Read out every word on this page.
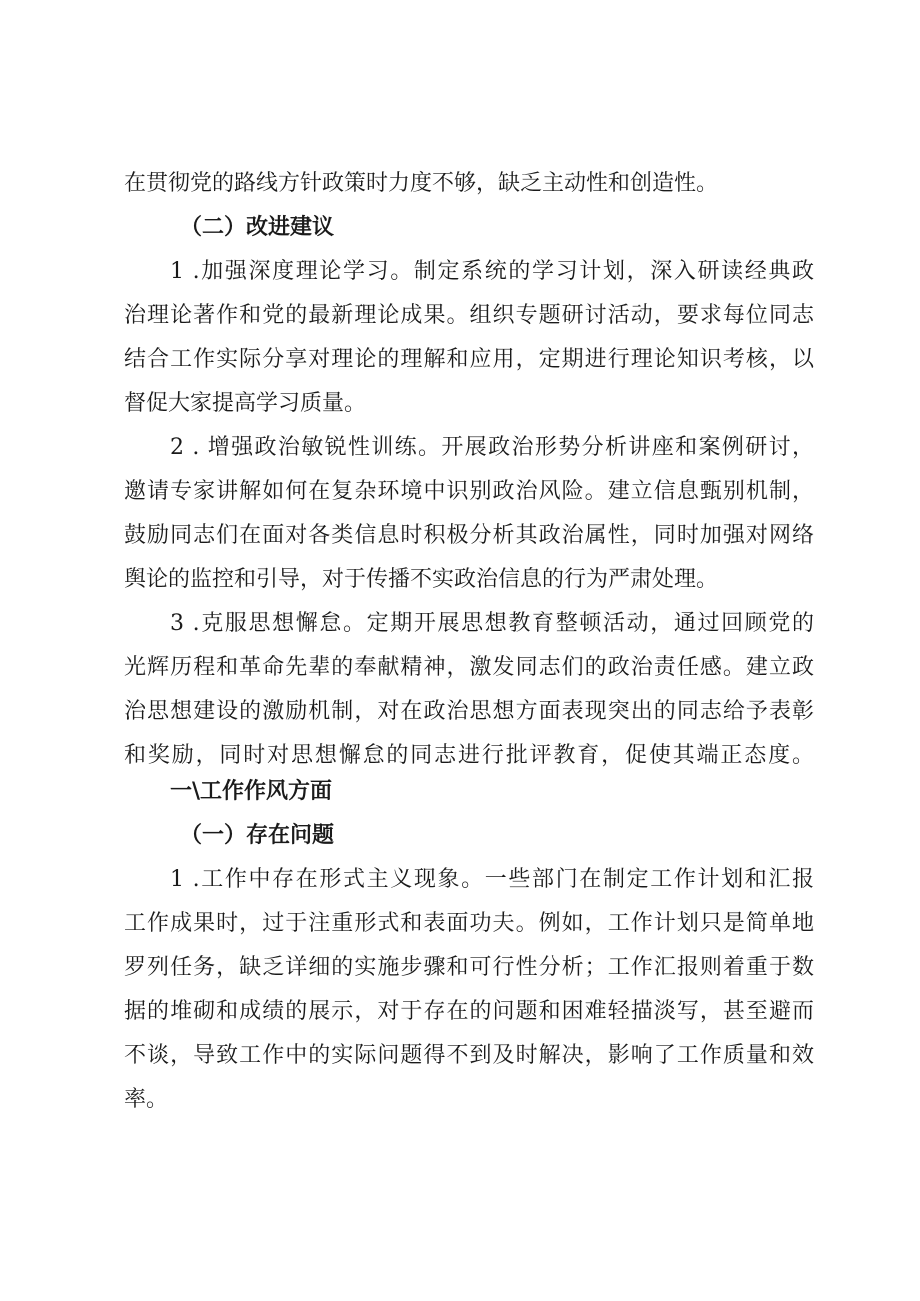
在贯彻党的路线方针政策时力度不够，缺乏主动性和创造性。
（二）改进建议
1 .加强深度理论学习。制定系统的学习计划，深入研读经典政
治理论著作和党的最新理论成果。组织专题研讨活动，要求每位同志
结合工作实际分享对理论的理解和应用，定期进行理论知识考核，以
督促大家提高学习质量。
2 . 增强政治敏锐性训练。开展政治形势分析讲座和案例研讨，
邀请专家讲解如何在复杂环境中识别政治风险。建立信息甄别机制，
鼓励同志们在面对各类信息时积极分析其政治属性，同时加强对网络
舆论的监控和引导，对于传播不实政治信息的行为严肃处理。
3 .克服思想懈怠。定期开展思想教育整顿活动，通过回顾党的
光辉历程和革命先辈的奉献精神，激发同志们的政治责任感。建立政
治思想建设的激励机制，对在政治思想方面表现突出的同志给予表彰
和奖励，同时对思想懈怠的同志进行批评教育，促使其端正态度。
一\工作作风方面
（一）存在问题
1 .工作中存在形式主义现象。一些部门在制定工作计划和汇报
工作成果时，过于注重形式和表面功夫。例如，工作计划只是简单地
罗列任务，缺乏详细的实施步骤和可行性分析；工作汇报则着重于数
据的堆砌和成绩的展示，对于存在的问题和困难轻描淡写，甚至避而
不谈，导致工作中的实际问题得不到及时解决，影响了工作质量和效
率。
